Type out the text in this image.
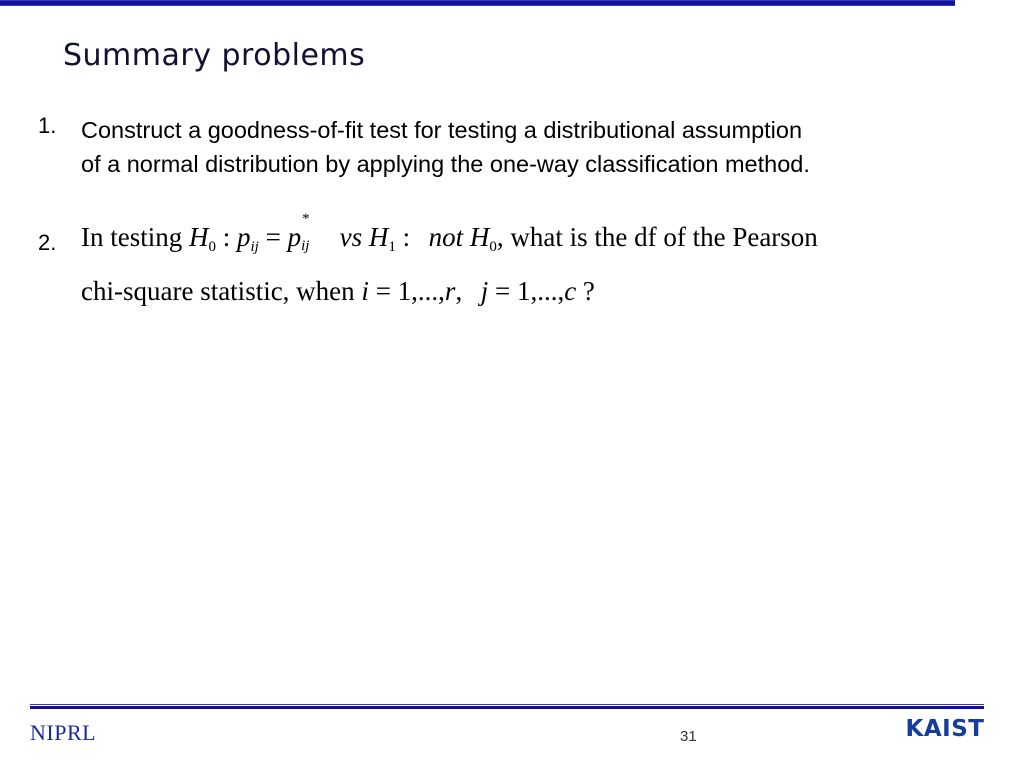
Summary problems
1. Construct a goodness-of-fit test for testing a distributional assumption
of a normal distribution by applying the one-way classification method.
2. In testing $H_0$ : $p_{ij} = p$
*
ij vs $H_1$ : not $H_0$, what is the df of the Pearson
chi-square statistic, when i = 1,...,r, j = 1,...,c ?
NIPRL	31	KAIST
